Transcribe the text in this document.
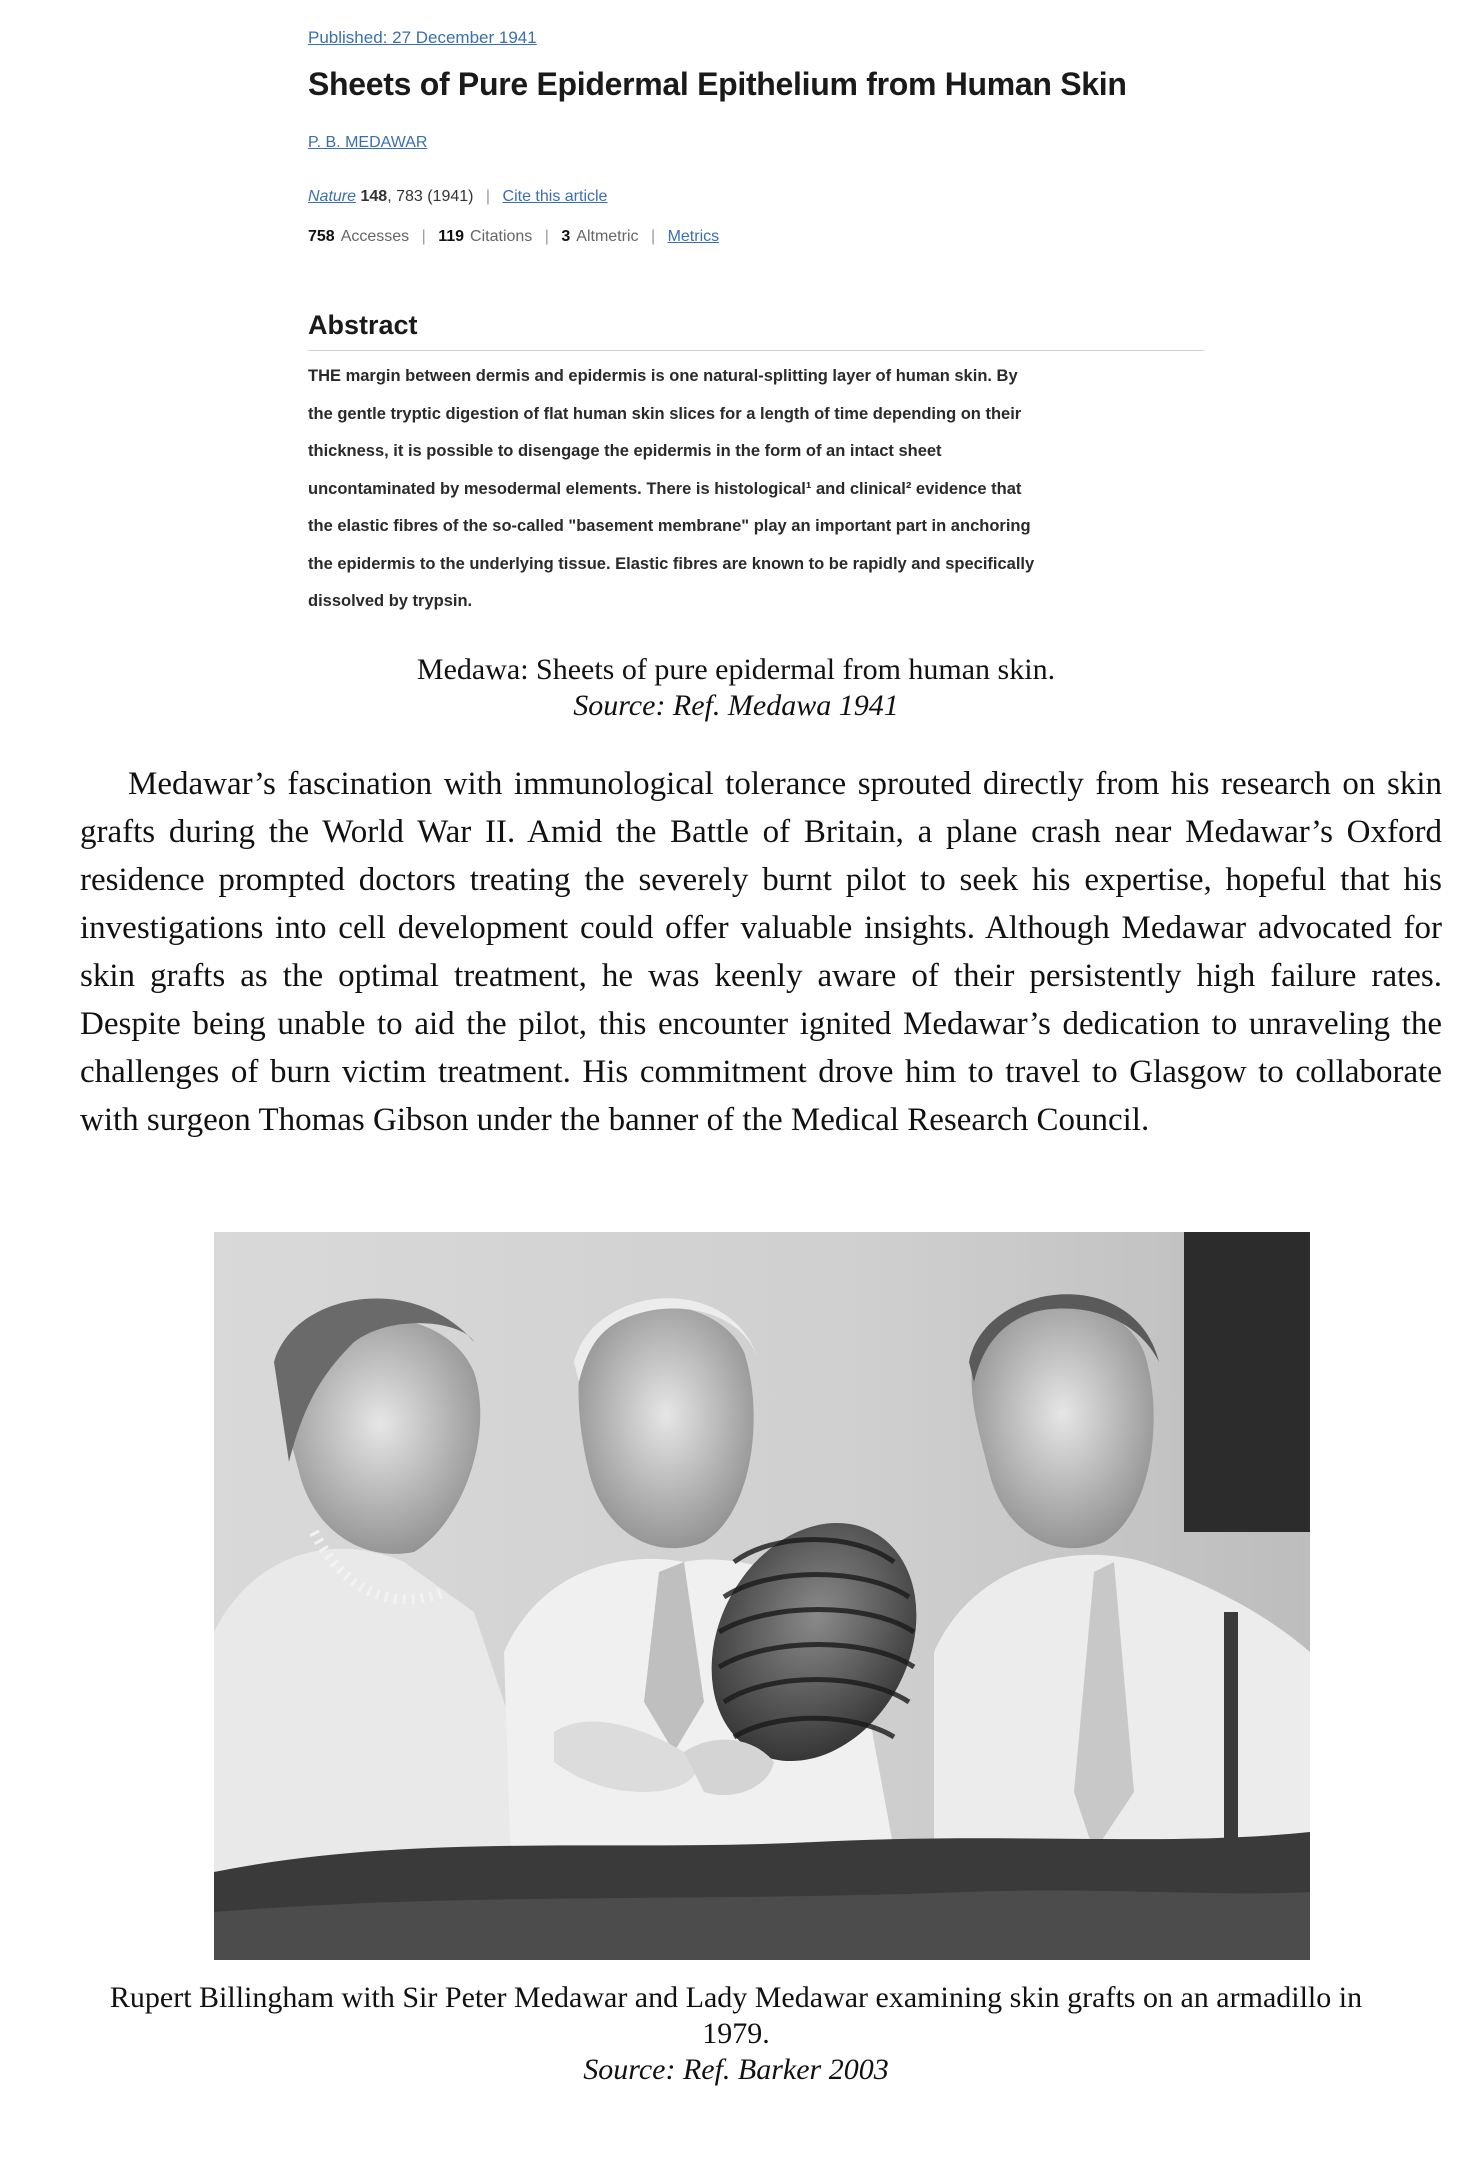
Published: 27 December 1941
Sheets of Pure Epidermal Epithelium from Human Skin
P. B. MEDAWAR
Nature 148, 783 (1941) | Cite this article
758 Accesses | 119 Citations | 3 Altmetric | Metrics
Abstract
THE margin between dermis and epidermis is one natural-splitting layer of human skin. By
the gentle tryptic digestion of flat human skin slices for a length of time depending on their
thickness, it is possible to disengage the epidermis in the form of an intact sheet
uncontaminated by mesodermal elements. There is histological¹ and clinical² evidence that
the elastic fibres of the so-called "basement membrane" play an important part in anchoring
the epidermis to the underlying tissue. Elastic fibres are known to be rapidly and specifically
dissolved by trypsin.
Medawa: Sheets of pure epidermal from human skin.
Source: Ref. Medawa 1941
Medawar’s fascination with immunological tolerance sprouted directly from his research on skin grafts during the World War II. Amid the Battle of Britain, a plane crash near Medawar’s Oxford residence prompted doctors treating the severely burnt pilot to seek his expertise, hopeful that his investigations into cell development could offer valuable insights. Although Medawar advocated for skin grafts as the optimal treatment, he was keenly aware of their persistently high failure rates. Despite being unable to aid the pilot, this encounter ignited Medawar’s dedication to unraveling the challenges of burn victim treatment. His commitment drove him to travel to Glasgow to collaborate with surgeon Thomas Gibson under the banner of the Medical Research Council.
Rupert Billingham with Sir Peter Medawar and Lady Medawar examining skin grafts on an armadillo in 1979.
Source: Ref. Barker 2003
